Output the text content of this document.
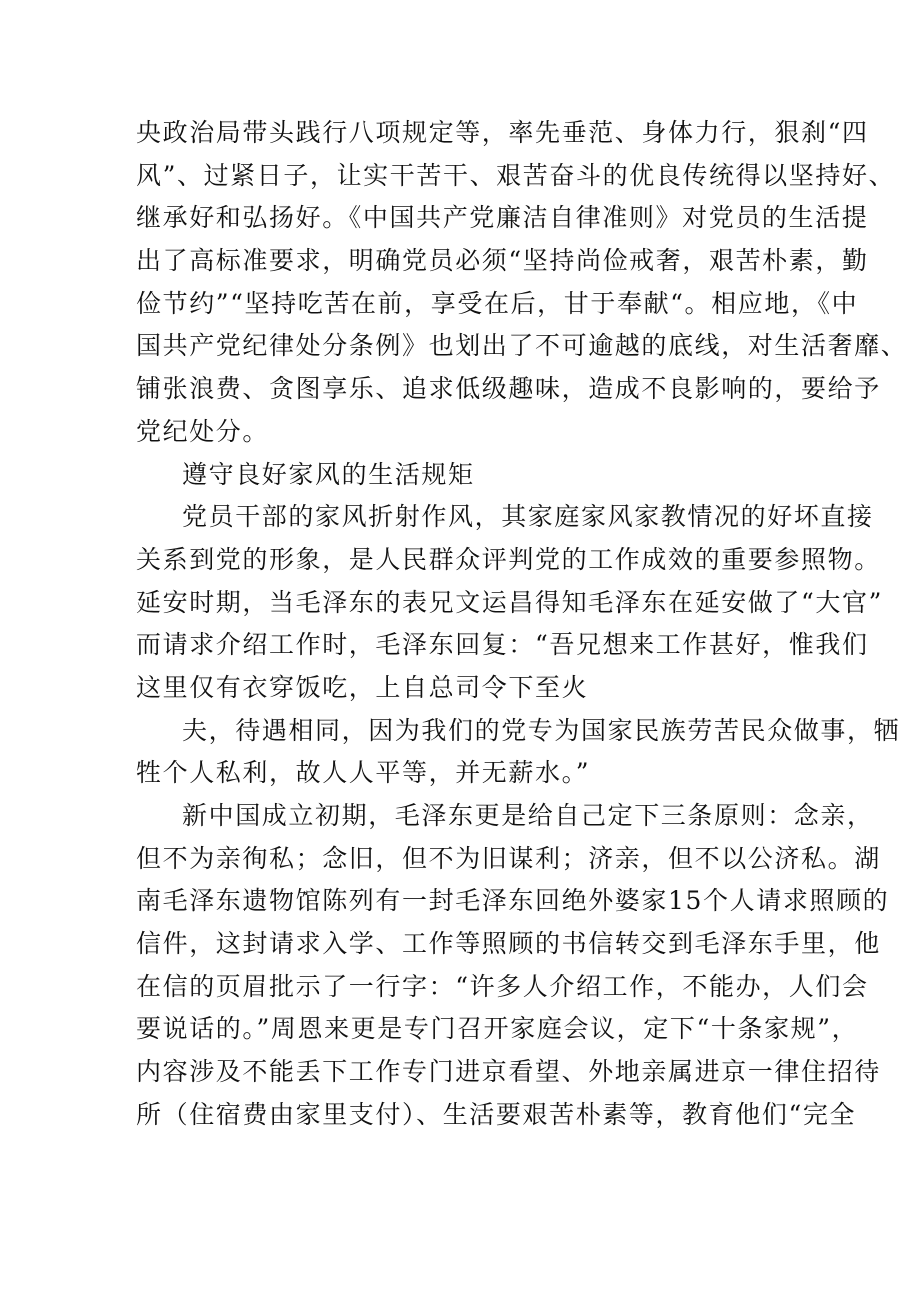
央政治局带头践行八项规定等，率先垂范、身体力行，狠刹“四
风”、过紧日子，让实干苦干、艰苦奋斗的优良传统得以坚持好、
继承好和弘扬好。《中国共产党廉洁自律准则》对党员的生活提
出了高标准要求，明确党员必须“坚持尚俭戒奢，艰苦朴素，勤
俭节约”“坚持吃苦在前，享受在后，甘于奉献“。相应地，《中
国共产党纪律处分条例》也划出了不可逾越的底线，对生活奢靡、
铺张浪费、贪图享乐、追求低级趣味，造成不良影响的，要给予
党纪处分。
遵守良好家风的生活规矩
党员干部的家风折射作风，其家庭家风家教情况的好坏直接
关系到党的形象，是人民群众评判党的工作成效的重要参照物。
延安时期，当毛泽东的表兄文运昌得知毛泽东在延安做了“大官”
而请求介绍工作时，毛泽东回复：“吾兄想来工作甚好，惟我们
这里仅有衣穿饭吃，上自总司令下至火
夫，待遇相同，因为我们的党专为国家民族劳苦民众做事，牺
牲个人私利，故人人平等，并无薪水。”
新中国成立初期，毛泽东更是给自己定下三条原则：念亲，
但不为亲徇私；念旧，但不为旧谋利；济亲，但不以公济私。湖
南毛泽东遗物馆陈列有一封毛泽东回绝外婆家15个人请求照顾的
信件，这封请求入学、工作等照顾的书信转交到毛泽东手里，他
在信的页眉批示了一行字：“许多人介绍工作，不能办，人们会
要说话的。”周恩来更是专门召开家庭会议，定下“十条家规”，
内容涉及不能丢下工作专门进京看望、外地亲属进京一律住招待
所（住宿费由家里支付）、生活要艰苦朴素等，教育他们“完全
